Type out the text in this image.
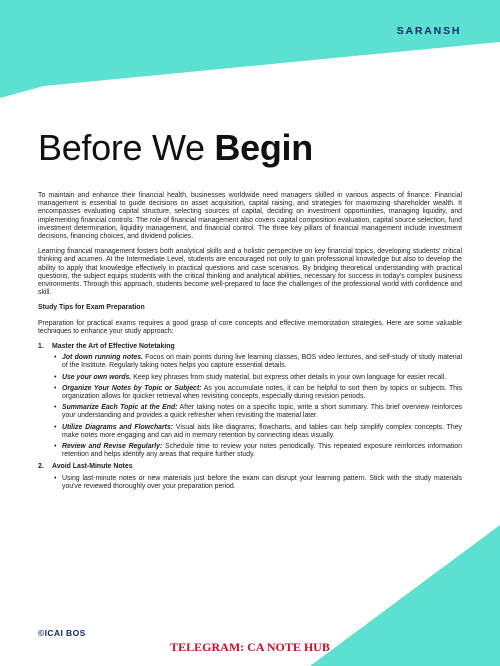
SARANSH
Before We Begin

To maintain and enhance their financial health, businesses worldwide need managers skilled in various aspects of finance. Financial management is essential to guide decisions on asset acquisition, capital raising, and strategies for maximizing shareholder wealth. It encompasses evaluating capital structure, selecting sources of capital, deciding on investment opportunities, managing liquidity, and implementing financial controls. The role of financial management also covers capital composition evaluation, capital source selection, fund investment determination, liquidity management, and financial control. The three key pillars of financial management include investment decisions, financing choices, and dividend policies.

Learning financial management fosters both analytical skills and a holistic perspective on key financial topics, developing students' critical thinking and acumen. At the Intermediate Level, students are encouraged not only to gain professional knowledge but also to develop the ability to apply that knowledge effectively in practical questions and case scenarios. By bridging theoretical understanding with practical questions, the subject equips students with the critical thinking and analytical abilities, necessary for success in today's complex business environments. Through this approach, students become well-prepared to face the challenges of the professional world with confidence and skill.

Study Tips for Exam Preparation

Preparation for practical exams requires a good grasp of core concepts and effective memorization strategies. Here are some valuable techniques to enhance your study approach:

1. Master the Art of Effective Notetaking
• Jot down running notes. Focus on main points during live learning classes, BOS video lectures, and self-study of study material of the Institute. Regularly taking notes helps you capture essential details.
• Use your own words. Keep key phrases from study material, but express other details in your own language for easier recall.
• Organize Your Notes by Topic or Subject: As you accumulate notes, it can be helpful to sort them by topics or subjects. This organization allows for quicker retrieval when revisiting concepts, especially during revision periods.
• Summarize Each Topic at the End: After taking notes on a specific topic, write a short summary. This brief overview reinforces your understanding and provides a quick refresher when revisiting the material later.
• Utilize Diagrams and Flowcharts: Visual aids like diagrams, flowcharts, and tables can help simplify complex concepts. They make notes more engaging and can aid in memory retention by connecting ideas visually.
• Review and Revise Regularly: Schedule time to review your notes periodically. This repeated exposure reinforces information retention and helps identify any areas that require further study.
2. Avoid Last-Minute Notes
• Using last-minute notes or new materials just before the exam can disrupt your learning pattern. Stick with the study materials you've reviewed thoroughly over your preparation period.
©ICAI BOS
TELEGRAM: CA NOTE HUB
